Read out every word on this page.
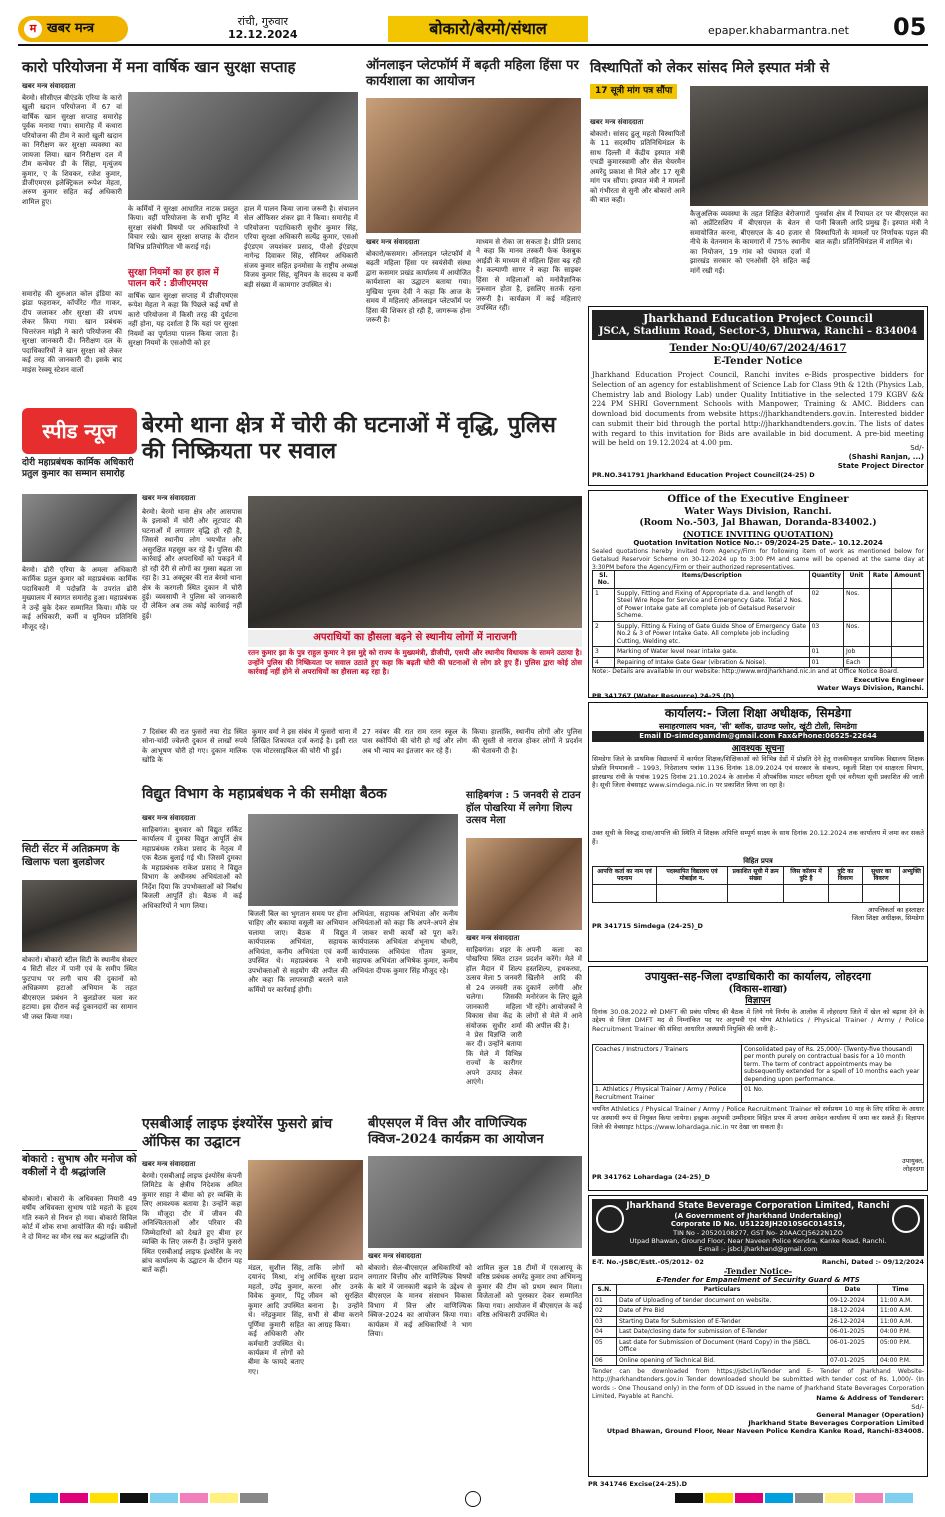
म खबर मन्त्र	रांची, गुरुवार
12.12.2024	बोकारो/बेरमो/संथाल	epaper.khabarmantra.net 05
कारो परियोजना में मना वार्षिक खान सुरक्षा सप्ताह
खबर मन्त्र संवाददाता
बेरमो। सीसीएल बीएंडके एरिया के कारो खुली खदान परियोजना में 67 वां वार्षिक खान सुरक्षा सप्ताह समारोह पूर्वक मनाया गया। समारोह में कथारा परियोजना की टीम ने कारो खुली खदान का निरीक्षण कर सुरक्षा व्यवस्था का जायजा लिया। खान निरीक्षण दल में टीम कन्वेयर डी के सिंहा, मृत्युंजय कुमार, ए के शिवकर, रजेश कुमार, डीजीएमएस इलेक्ट्रिकल रूपेश मेहता, अरुण कुमार सहित कई अधिकारी शामिल हुए।
समारोह की शुरुआत कोल इंडिया का झंडा फहराकर, कॉर्पोरेट गीत गाकर, दीप जलाकर और सुरक्षा की शपथ लेकर किया गया। खान प्रबंधक चित्तरंजन मांझी ने कारो परियोजना की सुरक्षा जानकारी दी। निरीक्षण दल के पदाधिकारियों ने खान सुरक्षा को लेकर कई तरह की जानकारी दी। इसके बाद माइंस रेस्क्यू स्टेशन वालों
के कर्मियों ने सुरक्षा आधारित नाटक प्रस्तुत किया। वहीं परियोजना के सभी यूनिट में सुरक्षा संबंधी विषयों पर अधिकारियों ने विचार रखे। खान सुरक्षा सप्ताह के दौरान विभिन्न प्रतियोगिता भी कराई गई।
सुरक्षा नियमों का हर हाल में पालन करें : डीजीएमएस
वार्षिक खान सुरक्षा सप्ताह में डीजीएमएस रूपेश मेहता ने कहा कि पिछले कई वर्षों से कारो परियोजना में किसी तरह की दुर्घटना नहीं होना, यह दर्शाता है कि यहां पर सुरक्षा नियमों का पूर्णतया पालन किया जाता है। सुरक्षा नियमों के एसओपी को हर
हाल में पालन किया जाना जरूरी है। संचालन सेल ऑफिसर शंकर झा ने किया। समारोह में परियोजना पदाधिकारी सुधीर कुमार सिंह, एरिया सुरक्षा अधिकारी सत्येंद्र कुमार, एसओ ईएंडएम जयशंकर प्रसाद, पीओ ईएंडएम नागेन्द्र दिवाकर सिंह, सीनियर अधिकारी संजय कुमार सहित इनमोसा के राष्ट्रीय अध्यक्ष विजय कुमार सिंह, यूनियन के सदस्य व कर्मी बड़ी संख्या में कामगार उपस्थित थे।
ऑनलाइन प्लेटफॉर्म में बढ़ती महिला हिंसा पर कार्यशाला का आयोजन
खबर मन्त्र संवाददाता
बोकारो/कसमार। ऑनलाइन प्लेटफॉर्म में बढ़ती महिला हिंसा पर स्वयंसेवी संस्था द्वारा कसमार प्रखंड कार्यालय में आयोजित कार्यशाला का उद्घाटन बताया गया। मुखिया पूनम देवी ने कहा कि आज के समय में महिलाएं ऑनलाइन प्लेटफॉर्म पर हिंसा की शिकार हो रही हैं, जागरूक होना जरूरी है।
माध्यम से रोका जा सकता है। प्रीति प्रसाद ने कहा कि मानव तस्करी फेक फेसबुक आईडी के माध्यम से महिला हिंसा बढ़ रही है। कल्याणी सागर ने कहा कि साइबर हिंसा से महिलाओं को मनोवैज्ञानिक नुकसान होता है, इसलिए सतर्क रहना जरूरी है। कार्यक्रम में कई महिलाएं उपस्थित रहीं।
विस्थापितों को लेकर सांसद मिले इस्पात मंत्री से
17 सूत्री मांग पत्र सौंपा
खबर मन्त्र संवाददाता
बोकारो। सांसद ढुलू महतो विस्थापितों के 11 सदस्यीय प्रतिनिधिमंडल के साथ दिल्ली में केंद्रीय इस्पात मंत्री एचडी कुमारस्वामी और सेल चेयरमैन अमरेंदु प्रकाश से मिले और 17 सूत्री मांग पत्र सौंपा। इस्पात मंत्री ने मामलों को गंभीरता से सुनी और बोकारो आने की बात कही।
कैजुअलिक व्यवस्था के तहत शिक्षित बेरोजगारों को अप्रेंटिसशिप में बीएसएल के बेतन से समायोजित करना, बीएसएल के 40 हजार से नीचे के वेतनमान के कामगारों में 75% स्थानीय का नियोजन, 19 गांव को पंचायत दर्जा में झारखंड सरकार को एनओसी देने सहित कई मांगें रखी गईं।
पुनर्वास क्षेत्र में रियायत दर पर बीएसएल का पानी बिजली आदि प्रमुख हैं। इस्पात मंत्री ने विस्थापितों के मामलों पर निर्णायक पहल की बात कही। प्रतिनिधिमंडल में शामिल थे।
Jharkhand Education Project Council
JSCA, Stadium Road, Sector-3, Dhurwa, Ranchi – 834004
Tender No:QU/40/67/2024/4617
E-Tender Notice
Jharkhand Education Project Council, Ranchi invites e-Bids prospective bidders for Selection of an agency for establishment of Science Lab for Class 9th & 12th (Physics Lab, Chemistry lab and Biology Lab) under Quality Intitiative in the selected 179 KGBV && 224 PM SHRI Government Schools with Manpower, Training & AMC. Bidders can download bid documents from website https://jharkhandtenders.gov.in. Interested bidder can submit their bid through the portal http://jharkhandtenders.gov.in. The lists of dates with regard to this invitation for Bids are available in bid document. A pre-bid meeting will be held on 19.12.2024 at 4.00 pm.
Sd/-
(Shashi Ranjan, ...)
State Project Director
PR.NO.341791 Jharkhand Education Project Council(24-25) D
Office of the Executive Engineer
Water Ways Division, Ranchi.
(Room No.-503, Jal Bhawan, Doranda-834002.)
(NOTICE INVITING QUOTATION)
Quotation Invitation Notice No.:- 09/2024-25 Date.- 10.12.2024
Sealed quotations hereby invited from Agency/Firm for following item of work as mentioned below for Getalsud Reservoir Scheme on 30-12-2024 up to 3:00 PM and same will be opened at the same day at 3:30PM before the Agency/Firm or their authorized representatives.
Sl. No.	Items/Description	Quantity	Unit	Rate	Amount
1	Supply, Fitting and Fixing of Appropriate d.a. and length of Steel Wire Rope for Service and Emergency Gate. Total 2 Nos. of Power Intake gate all complete job of Getalsud Reservoir Scheme.	02	Nos.		
2	Supply, Fitting & Fixing of Gate Guide Shoe of Emergency Gate No.2 & 3 of Power Intake Gate. All complete job including Cutting, Welding etc.	03	Nos.		
3	Marking of Water level near intake gate.	01	Job		
4	Repairing of Intake Gate Gear (vibration & Noise).	01	Each		
Note:- Details are available in our website: http://www.wrdjharkhand.nic.in and at Office Notice Board.
Executive Engineer
Water Ways Division, Ranchi.
PR 341767 (Water Resource) 24-25 (D)
कार्यालय:- जिला शिक्षा अधीक्षक, सिमडेगा
समाहरणालय भवन, 'सी' ब्लॉक, ग्राउण्ड फ्लोर, खूंटी टोली, सिमडेगा
Email ID-simdegamdm@gmail.com Fax&Phone:06525-22644
आवश्यक सूचना
सिमडेगा जिले के प्राथमिक विद्यालयों में कार्यरत शिक्षक/शिक्षिकाओं को विभिन्न ग्रेडों में प्रोन्नति देने हेतु राजकीयकृत प्राथमिक विद्यालय शिक्षक प्रोन्नति नियमावली – 1993, निदेशालय पत्रांक 1136 दिनांक 18.09.2024 एवं सरकार के संकल्प, स्कूली शिक्षा एवं साक्षरता विभाग, झारखण्ड रांची के पत्रांक 1925 दिनांक 21.10.2024 के आलोक में औपबंधिक मास्टर वरीयता सूची एवं वरीयता सूची प्रकाशित की जाती है। सूची जिला वेबसाइट www.simdega.nic.in पर प्रकाशित किया जा रहा है।
उक्त सूची के विरुद्ध दावा/आपत्ति की स्थिति में शिक्षक अपित्ति सम्पूर्ण साक्ष्य के साथ दिनांक 20.12.2024 तक कार्यालय में जमा कर सकते हैं।
विहित प्रपत्र
आपत्ति कर्ता का नाम एवं पदनाम	पदस्थापित विद्यालय एवं मोबाईल न.	प्रकाशित सूची में क्रम संख्या	जिस कॉलम में त्रुटि है	त्रुटि का विवरण	सुधार का विवरण	अभ्युक्ति

आपत्तिकर्ता का हस्ताक्षर
जिला शिक्षा अधीक्षक, सिमडेगा
PR 341715 Simdega (24-25)_D
उपायुक्त-सह-जिला दण्डाधिकारी का कार्यालय, लोहरदगा
(विकास-शाखा)
विज्ञापन
दिनांक 30.08.2022 को DMFT की प्रबंध परिषद की बैठक में लिये गये निर्णय के आलोक में लोहरदगा जिले में खेल को बढ़ावा देने के उद्देश्य से जिला DMFT मद से निम्नांकित पद पर अनुभवी एवं योग्य Athletics / Physical Trainer / Army / Police Recruitment Trainer की संविदा आधारित अस्थायी नियुक्ति की जानी है:-
Coaches / Instructors / Trainers	Consolidated pay of Rs. 25,000/- (Twenty-five thousand) per month purely on contractual basis for a 10 month term. The term of contract appointments may be subsequently extended for a spell of 10 months each year depending upon performance.
1. Athletics / Physical Trainer / Army / Police Recruitment Trainer	01 No.
चयनित Athletics / Physical Trainer / Army / Police Recruitment Trainer को सर्वप्रथम 10 माह के लिए संविदा के आधार पर अस्थायी रूप से नियुक्त किया जायेगा। इच्छुक अनुभवी उम्मीदवार विहित प्रपत्र में अपना आवेदन कार्यालय में जमा कर सकते हैं। विज्ञापन जिले की वेबसाइट https://www.lohardaga.nic.in पर देखा जा सकता है।
उपायुक्त,
लोहरदगा
PR 341762 Lohardaga (24-25)_D
Jharkhand State Beverage Corporation Limited, Ranchi
(A Government of Jharkhand Undertaking)
Corporate ID No. U51228JH2010SGC014519,
TIN No - 20520108277, GST No- 20AACCJ5622N1ZO
Utpad Bhawan, Ground Floor, Near Naveen Police Kendra, Kanke Road, Ranchi.
E-mail :- jsbcl.jharkhand@gmail.com
E-T. No.-JSBC/Estt.-05/2012- 02	Ranchi, Dated :- 09/12/2024
-Tender Notice-
E-Tender for Empanelment of Security Guard & MTS
S.N.	Particulars	Date	Time
01	Date of Uploading of tender document on website.	09-12-2024	11:00 A.M.
02	Date of Pre Bid	18-12-2024	11:00 A.M.
03	Starting Date for Submission of E-Tender	26-12-2024	11:00 A.M.
04	Last Date/closing date for submission of E-Tender	06-01-2025	04:00 P.M.
05	Last date for Submission of Document (Hard Copy) in the JSBCL Office	06-01-2025	05:00 P.M.
06	Online opening of Technical Bid.	07-01-2025	04:00 P.M.
Tender can be downloaded from https://jsbcl.in/Tender and E- Tender of Jharkhand Website- http://jharkhandtenders.gov.in Tender downloaded should be submitted with tender cost of Rs. 1,000/- (In words :- One Thousand only) in the form of DD issued in the name of Jharkhand State Beverages Corporation Limited, Payable at Ranchi.	Name & Address of Tenderer:
Sd/-
General Manager (Operation)
Jharkhand State Beverages Corporation Limited
Utpad Bhawan, Ground Floor, Near Naveen Police Kendra Kanke Road, Ranchi-834008.
PR 341746 Excise(24-25).D
स्पीड न्यूज
दोरी महाप्रबंधक कार्मिक अधिकारी प्रतुल कुमार का सम्मान समारोह
बेरमो। ढोरी एरिया के अमला अधिकारी कार्मिक प्रतुल कुमार को महाप्रबंधक कार्मिक पदाधिकारी में पदोन्नति के उपरांत ढोरी मुख्यालय में स्वागत समारोह हुआ। महाप्रबंधक ने उन्हें बुके देकर सम्मानित किया। मौके पर कई अधिकारी, कर्मी व यूनियन प्रतिनिधि मौजूद रहे।
सिटी सेंटर में अतिक्रमण के खिलाफ चला बुलडोजर
बोकारो। बोकारो स्टील सिटी के स्थानीय सेक्टर 4 सिटी सेंटर में पानी एवं के समीप स्थित फुटपाथ पर लगी चाय की दुकानों को अधिक्रमण हटाओ अभियान के तहत बीएसएल प्रबंधन ने बुलडोजर चला कर हटाया। इस दौरान कई दुकानदारों का सामान भी जब्त किया गया।
बोकारो : सुभाष और मनोज को वकीलों ने दी श्रद्धांजलि
बोकारो। बोकारो के अधिवक्ता नियारी 49 वर्षीय अधिवक्ता सुभाष पांडे महतो के हृदय गति रुकने से निधन हो गया। बोकारो सिविल कोर्ट में शोक सभा आयोजित की गई। वकीलों ने दो मिनट का मौन रख कर श्रद्धांजलि दी।
बेरमो थाना क्षेत्र में चोरी की घटनाओं में वृद्धि, पुलिस की निष्क्रियता पर सवाल
खबर मन्त्र संवाददाता
बेरमो। बेरमो थाना क्षेत्र और आसपास के इलाकों में चोरी और लूटपाट की घटनाओं में लगातार वृद्धि हो रही है, जिससे स्थानीय लोग भयभीत और असुरक्षित महसूस कर रहे हैं। पुलिस की कार्रवाई और अपराधियों को पकड़ने में हो रही देरी से लोगों का गुस्सा बढ़ता जा रहा है। 31 अक्टूबर की रात बेरमो थाना क्षेत्र के करगली स्थित दुकान में चोरी हुई। व्यवसायी ने पुलिस को जानकारी दी लेकिन अब तक कोई कार्रवाई नहीं हुई।
अपराधियों का हौसला बढ़ने से स्थानीय लोगों में नाराजगी
रतन कुमार झा के पुत्र राहुल कुमार ने इस मुद्दे को राज्य के मुख्यमंत्री, डीजीपी, एसपी और स्थानीय विधायक के सामने उठाया है। उन्होंने पुलिस की निष्क्रियता पर सवाल उठाते हुए कहा कि बढ़ती चोरी की घटनाओं से लोग डरे हुए हैं। पुलिस द्वारा कोई ठोस कार्रवाई नहीं होने से अपराधियों का हौसला बढ़ रहा है।
7 दिसंबर की रात फुसरो नया रोड स्थित सोना-चांदी ज्वेलरी दुकान से लाखों रुपये के आभूषण चोरी हो गए। दुकान मालिक खोडि के
कुमार वर्मा ने इस संबंध में फुसरो थाना में लिखित शिकायत दर्ज कराई है। इसी रात एक मोटरसाइकिल की चोरी भी हुई।
27 नवंबर की रात राम रतन स्कूल के पास स्कोर्पियो की चोरी हो गई और लोग अब भी न्याय का इंतजार कर रहे हैं।
किया। हालांकि, स्थानीय लोगों और पुलिस की सुस्ती से नाराज होकर लोगों ने प्रदर्शन की चेतावनी दी है।
विद्युत विभाग के महाप्रबंधक ने की समीक्षा बैठक
खबर मन्त्र संवाददाता
साहिबगंज। बुधवार को विद्युत सर्किट कार्यालय में दुमका विद्युत आपूर्ति क्षेत्र महाप्रबंधक राकेश प्रसाद के नेतृत्व में एक बैठक बुलाई गई थी। जिसमें दुमका के महाप्रबंधक राकेश प्रसाद ने विद्युत विभाग के अधीनस्थ अभियंताओं को निर्देश दिया कि उपभोक्ताओं को निर्बाध बिजली आपूर्ति हो। बैठक में कई अधिकारियों ने भाग लिया।
बिजली बिल का भुगतान समय पर होना चाहिए और बकाया वसूली का अभियान चलाया जाए। बैठक में विद्युत कार्यपालक अभियंता, सहायक अभियंता, कनीय अभियंता एवं कर्मी उपस्थित थे। महाप्रबंधक ने सभी उपभोक्ताओं से सहयोग की अपील की और कहा कि लापरवाही बरतने वाले कर्मियों पर कार्रवाई होगी।
अभियंता, सहायक अभियंता और कनीय अभियंताओं को कहा कि अपने-अपने क्षेत्र में जाकर सभी कार्यों को पूरा करें। कार्यपालक अभियंता शंभूनाथ चौधरी, कार्यपालक अभियंता गौतम कुमार, सहायक अभियंता अभिषेक कुमार, कनीय अभियंता दीपक कुमार सिंह मौजूद रहे।
साहिबगंज : 5 जनवरी से टाउन हॉल पोखरिया में लगेगा शिल्प उत्सव मेला
खबर मन्त्र संवाददाता
साहिबगंज। शहर के पोखरिया स्थित टाउन हॉल मैदान में शिल्प उत्सव मेला 5 जनवरी से 24 जनवरी तक चलेगा। जिसकी जानकारी महिला विकास सेवा केंद्र के संयोजक सुधीर शर्मा ने प्रेस विज्ञप्ति जारी कर दी। उन्होंने बताया कि मेले में विभिन्न राज्यों के कारीगर अपने उत्पाद लेकर आएंगे।
अपनी कला का प्रदर्शन करेंगे। मेले में हस्तशिल्प, हथकरघा, खिलौने आदि की दुकानें लगेंगी और मनोरंजन के लिए झूले भी रहेंगे। आयोजकों ने लोगों से मेले में आने की अपील की है।
एसबीआई लाइफ इंश्योरेंस फुसरो ब्रांच ऑफिस का उद्घाटन
खबर मन्त्र संवाददाता
बेरमो। एसबीआई लाइफ इंश्योरेंस कंपनी लिमिटेड के क्षेत्रीय निदेशक अमित कुमार साहा ने बीमा को हर व्यक्ति के लिए आवश्यक बताया है। उन्होंने कहा कि मौजूदा दौर में जीवन की अनिश्चितताओं और परिवार की जिम्मेदारियों को देखते हुए बीमा हर व्यक्ति के लिए जरूरी है। उन्होंने फुसरो स्थित एसबीआई लाइफ इंश्योरेंस के नए ब्रांच कार्यालय के उद्घाटन के दौरान यह बातें कहीं।	मंडल, सुशील सिंह, दयानंद मिश्रा, शंभु महतो, उपेंद्र कुमार, विवेक कुमार, पिंटू कुमार आदि उपस्थित थे। नरेंद्रकुमार सिंह, पूर्णिमा कुमारी सहित कई अधिकारी और कर्मचारी उपस्थित थे। कार्यक्रम में लोगों को बीमा के फायदे बताए गए।
ताकि लोगों को आर्थिक सुरक्षा प्रदान करना और उनके जीवन को सुरक्षित बनाना है। उन्होंने सभी से बीमा कराने का आग्रह किया।
बीएसएल में वित्त और वाणिज्यिक क्विज-2024 कार्यक्रम का आयोजन
खबर मन्त्र संवाददाता
बोकारो। सेल-बीएसएल अधिकारियों को लगातार वित्तीय और वाणिज्यिक विषयों के बारे में जानकारी बढ़ाने के उद्देश्य से बीएसएल के मानव संसाधन विकास विभाग में वित्त और वाणिज्यिक क्विज-2024 का आयोजन किया गया। कार्यक्रम में कई अधिकारियों ने भाग लिया।
शामिल कुल 18 टीमों में एसआरयू के वरिष्ठ प्रबंधक अमरेंद्र कुमार तथा अभिमन्यु कुमार की टीम को प्रथम स्थान मिला। विजेताओं को पुरस्कार देकर सम्मानित किया गया। आयोजन में बीएसएल के कई वरिष्ठ अधिकारी उपस्थित थे।
